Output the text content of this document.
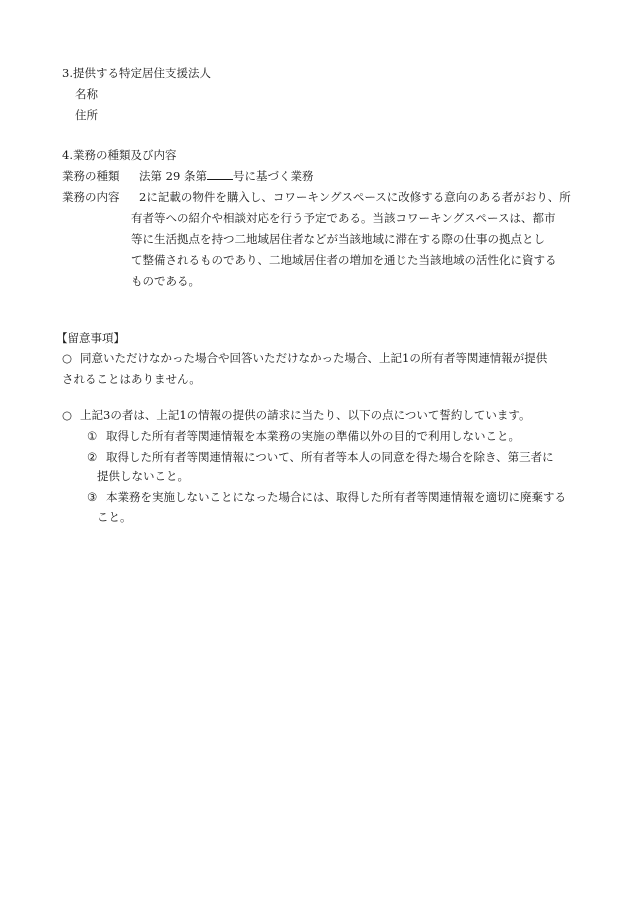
3.提供する特定居住支援法人
名称
住所
4.業務の種類及び内容
業務の種類 法第 29 条第 号に基づく業務
業務の内容 2に記載の物件を購入し、コワーキングスペースに改修する意向のある者がおり、所
有者等への紹介や相談対応を行う予定である。当該コワーキングスペースは、都市
等に生活拠点を持つ二地域居住者などが当該地域に滞在する際の仕事の拠点とし
て整備されるものであり、二地域居住者の増加を通じた当該地域の活性化に資する
ものである。
【留意事項】
○ 同意いただけなかった場合や回答いただけなかった場合、上記1の所有者等関連情報が提供
されることはありません。
○ 上記3の者は、上記1の情報の提供の請求に当たり、以下の点について誓約しています。
① 取得した所有者等関連情報を本業務の実施の準備以外の目的で利用しないこと。
② 取得した所有者等関連情報について、所有者等本人の同意を得た場合を除き、第三者に
提供しないこと。
③ 本業務を実施しないことになった場合には、取得した所有者等関連情報を適切に廃棄する
こと。
